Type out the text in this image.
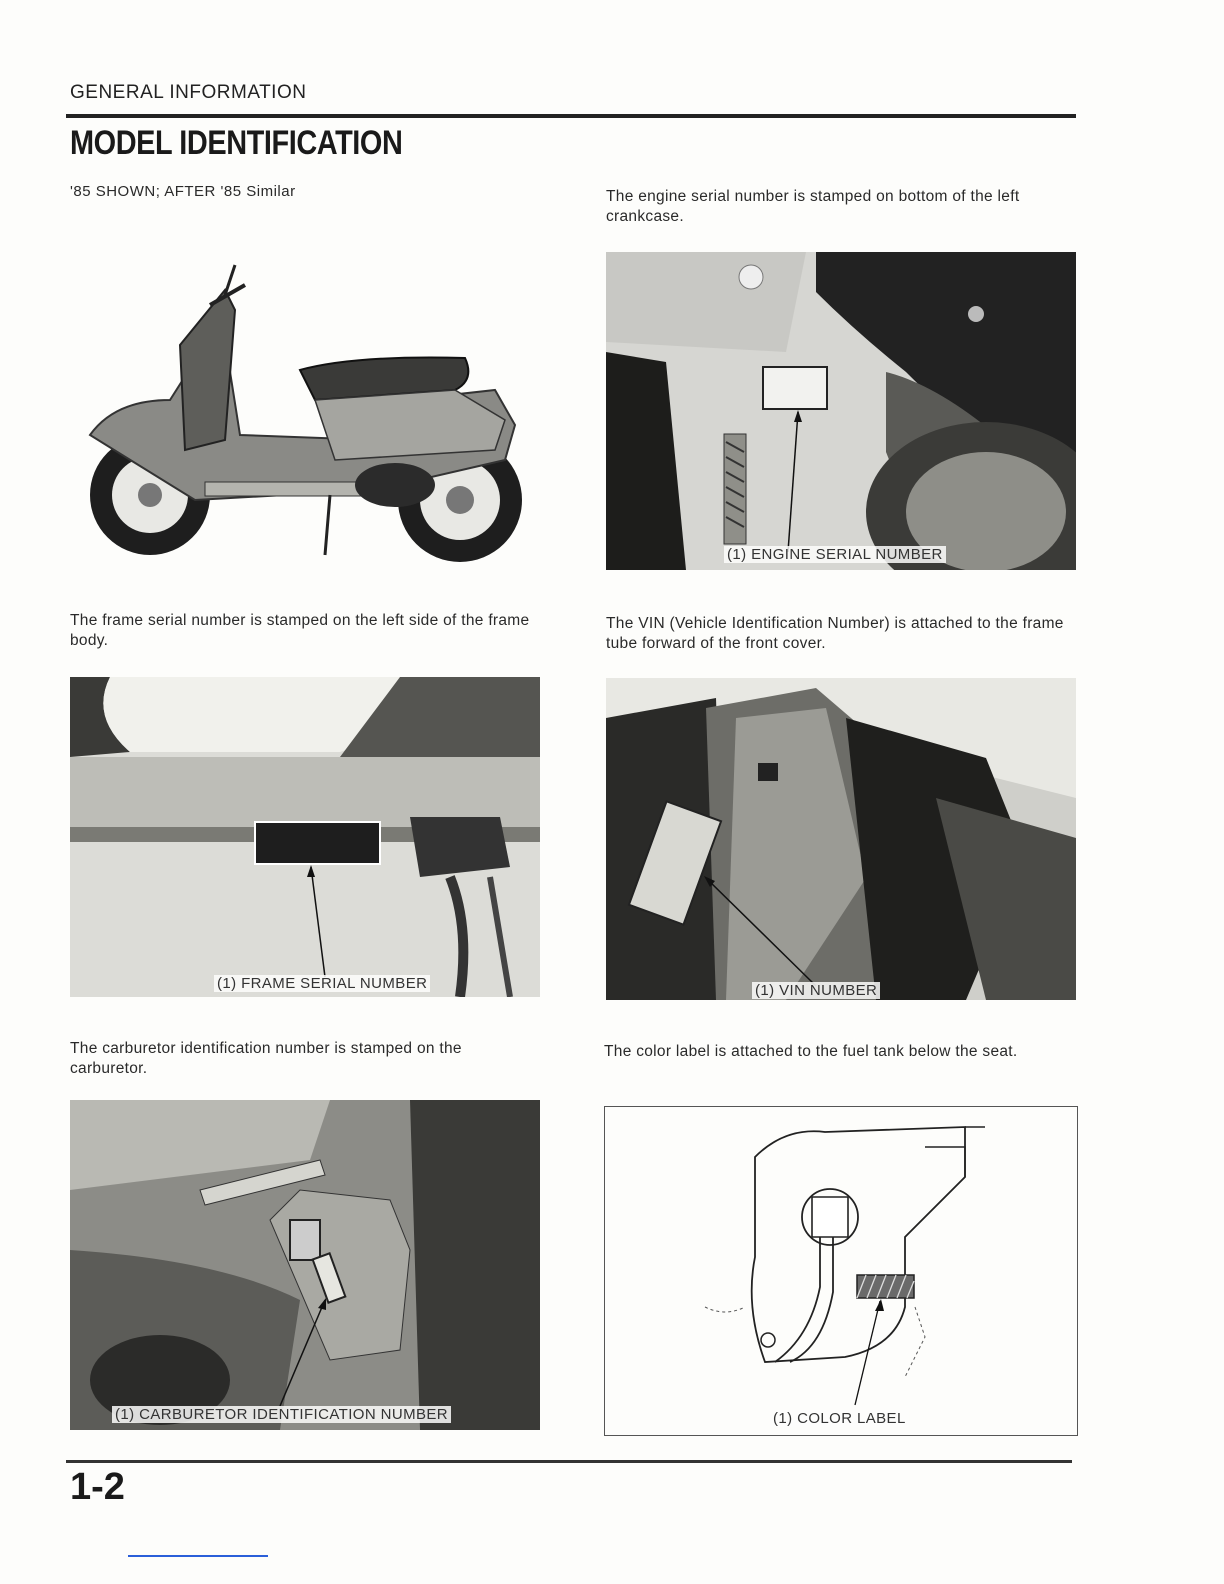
GENERAL INFORMATION
MODEL IDENTIFICATION
'85 SHOWN; AFTER '85 Similar	The engine serial number is stamped on bottom of the left crankcase.
(1) ENGINE SERIAL NUMBER
The frame serial number is stamped on the left side of the frame body.
(1) FRAME SERIAL NUMBER
The VIN (Vehicle Identification Number) is attached to the frame tube forward of the front cover.
(1) VIN NUMBER
The carburetor identification number is stamped on the carburetor.
(1) CARBURETOR IDENTIFICATION NUMBER
The color label is attached to the fuel tank below the seat.
(1) COLOR LABEL
1-2
